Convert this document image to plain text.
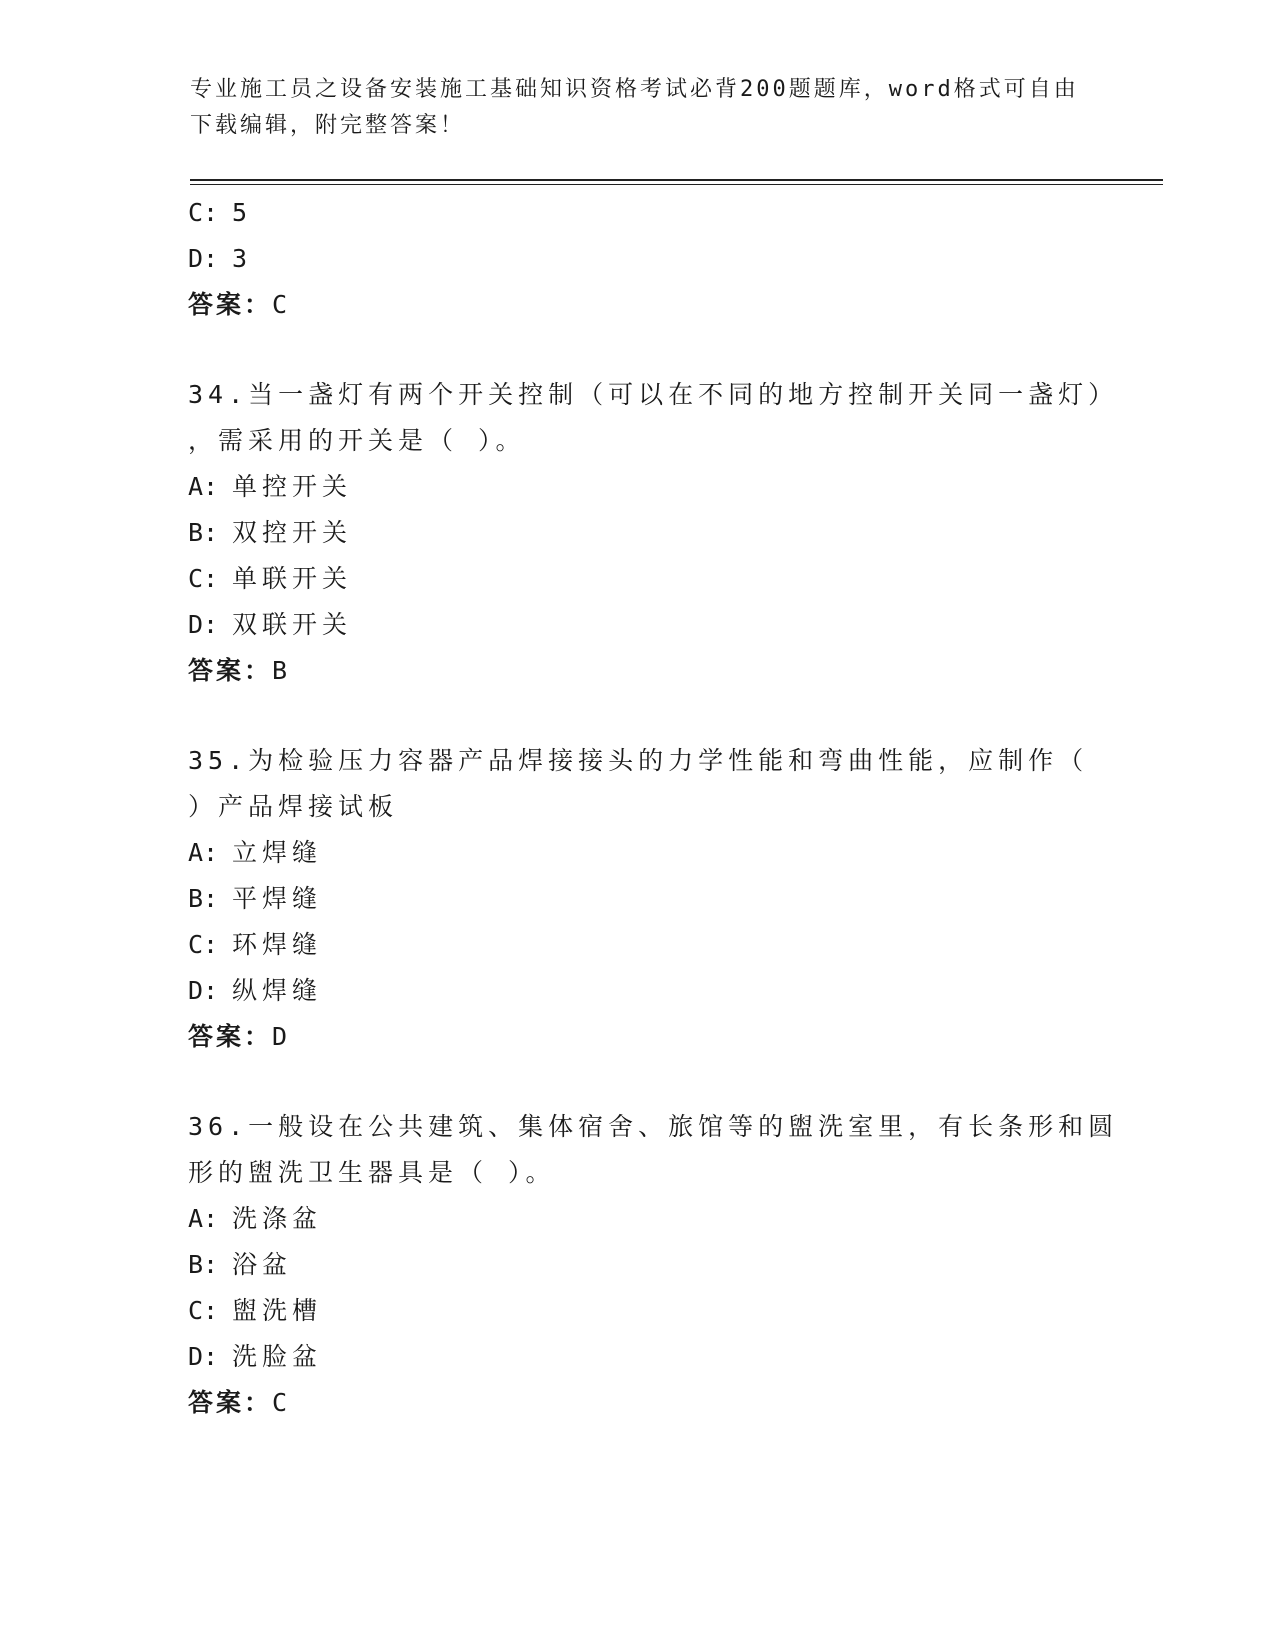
专业施工员之设备安装施工基础知识资格考试必背200题题库，word格式可自由
下载编辑，附完整答案！
C: 5
D: 3
答案：C
34.当一盏灯有两个开关控制（可以在不同的地方控制开关同一盏灯）
，需采用的开关是（ ）。
A: 单控开关
B: 双控开关
C: 单联开关
D: 双联开关
答案：B
35.为检验压力容器产品焊接接头的力学性能和弯曲性能，应制作（
）产品焊接试板
A: 立焊缝
B: 平焊缝
C: 环焊缝
D: 纵焊缝
答案：D
36.一般设在公共建筑、集体宿舍、旅馆等的盥洗室里，有长条形和圆
形的盥洗卫生器具是（ ）。
A: 洗涤盆
B: 浴盆
C: 盥洗槽
D: 洗脸盆
答案：C
